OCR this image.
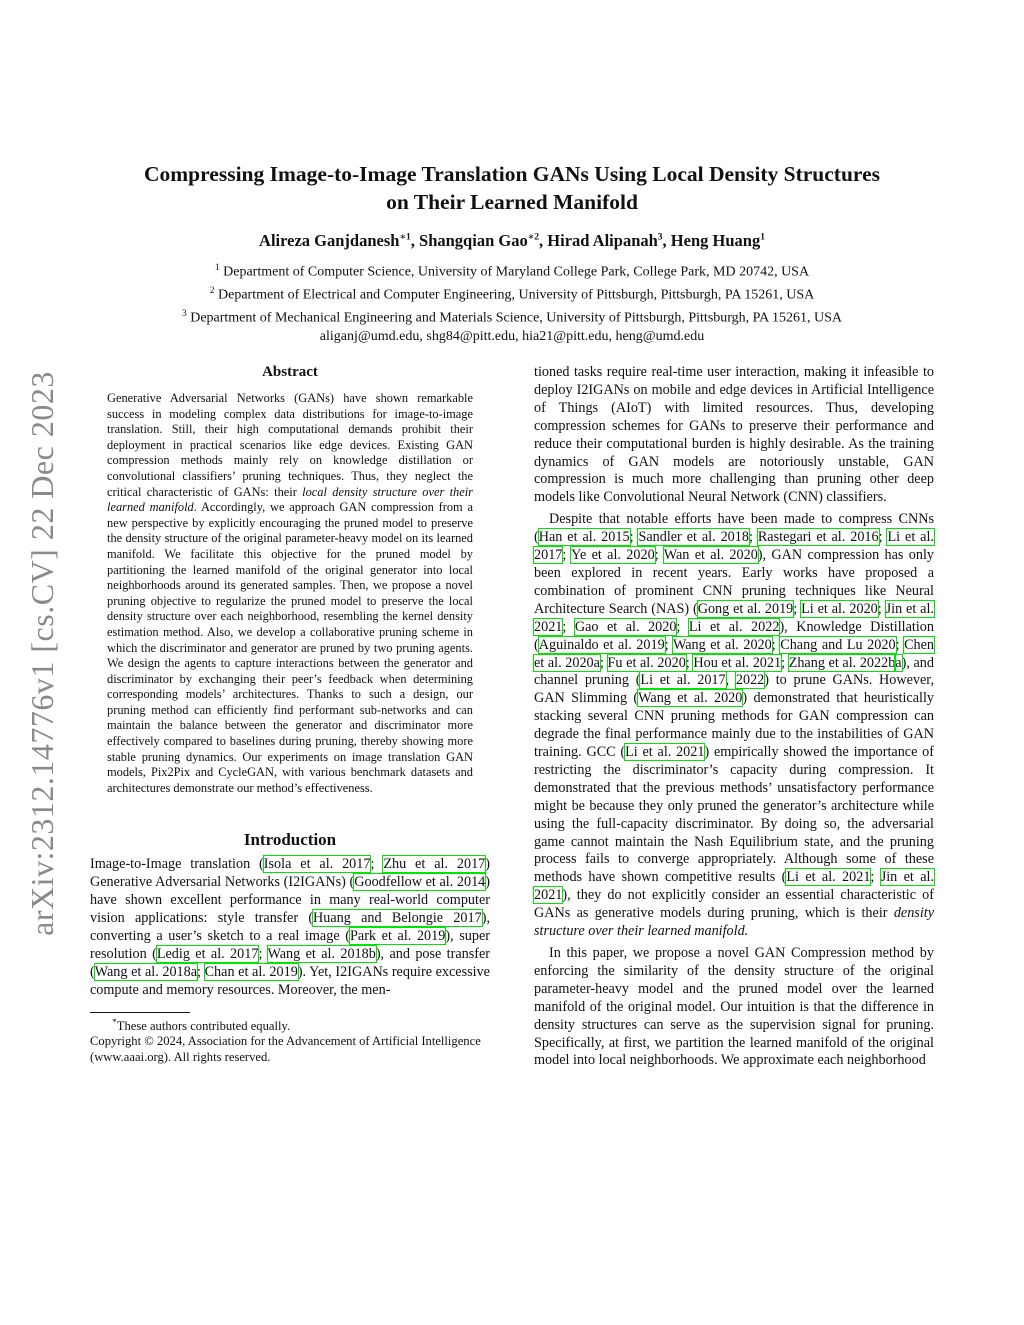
arXiv:2312.14776v1 [cs.CV] 22 Dec 2023
Compressing Image-to-Image Translation GANs Using Local Density Structures
on Their Learned Manifold
Alireza Ganjdanesh$^{∗1}$, Shangqian Gao$^{∗2}$, Hirad Alipanah$^3$, Heng Huang$^1$
$^1$ Department of Computer Science, University of Maryland College Park, College Park, MD 20742, USA
$^2$ Department of Electrical and Computer Engineering, University of Pittsburgh, Pittsburgh, PA 15261, USA
$^3$ Department of Mechanical Engineering and Materials Science, University of Pittsburgh, Pittsburgh, PA 15261, USA
aliganj@umd.edu, shg84@pitt.edu, hia21@pitt.edu, heng@umd.edu
Abstract

Generative Adversarial Networks (GANs) have shown remarkable success in modeling complex data distributions for image-to-image translation. Still, their high computational demands prohibit their deployment in practical scenarios like edge devices. Existing GAN compression methods mainly rely on knowledge distillation or convolutional classifiers’ pruning techniques. Thus, they neglect the critical characteristic of GANs: their local density structure over their learned manifold. Accordingly, we approach GAN compression from a new perspective by explicitly encouraging the pruned model to preserve the density structure of the original parameter-heavy model on its learned manifold. We facilitate this objective for the pruned model by partitioning the learned manifold of the original generator into local neighborhoods around its generated samples. Then, we propose a novel pruning objective to regularize the pruned model to preserve the local density structure over each neighborhood, resembling the kernel density estimation method. Also, we develop a collaborative pruning scheme in which the discriminator and generator are pruned by two pruning agents. We design the agents to capture interactions between the generator and discriminator by exchanging their peer’s feedback when determining corresponding models’ architectures. Thanks to such a design, our pruning method can efficiently find performant sub-networks and can maintain the balance between the generator and discriminator more effectively compared to baselines during pruning, thereby showing more stable pruning dynamics. Our experiments on image translation GAN models, Pix2Pix and CycleGAN, with various benchmark datasets and architectures demonstrate our method’s effectiveness.

Introduction

Image-to-Image translation (Isola et al. 2017; Zhu et al. 2017) Generative Adversarial Networks (I2IGANs) (Goodfellow et al. 2014) have shown excellent performance in many real-world computer vision applications: style transfer (Huang and Belongie 2017), converting a user’s sketch to a real image (Park et al. 2019), super resolution (Ledig et al. 2017; Wang et al. 2018b), and pose transfer (Wang et al. 2018a; Chan et al. 2019). Yet, I2IGANs require excessive compute and memory resources. Moreover, the men-

*These authors contributed equally.
Copyright © 2024, Association for the Advancement of Artificial Intelligence (www.aaai.org). All rights reserved.

tioned tasks require real-time user interaction, making it infeasible to deploy I2IGANs on mobile and edge devices in Artificial Intelligence of Things (AIoT) with limited resources. Thus, developing compression schemes for GANs to preserve their performance and reduce their computational burden is highly desirable. As the training dynamics of GAN models are notoriously unstable, GAN compression is much more challenging than pruning other deep models like Convolutional Neural Network (CNN) classifiers.

Despite that notable efforts have been made to compress CNNs (Han et al. 2015; Sandler et al. 2018; Rastegari et al. 2016; Li et al. 2017; Ye et al. 2020; Wan et al. 2020), GAN compression has only been explored in recent years. Early works have proposed a combination of prominent CNN pruning techniques like Neural Architecture Search (NAS) (Gong et al. 2019; Li et al. 2020; Jin et al. 2021; Gao et al. 2020; Li et al. 2022), Knowledge Distillation (Aguinaldo et al. 2019; Wang et al. 2020; Chang and Lu 2020; Chen et al. 2020a; Fu et al. 2020; Hou et al. 2021; Zhang et al. 2022ba), and channel pruning (Li et al. 2017, 2022) to prune GANs. However, GAN Slimming (Wang et al. 2020) demonstrated that heuristically stacking several CNN pruning methods for GAN compression can degrade the final performance mainly due to the instabilities of GAN training. GCC (Li et al. 2021) empirically showed the importance of restricting the discriminator’s capacity during compression. It demonstrated that the previous methods’ unsatisfactory performance might be because they only pruned the generator’s architecture while using the full-capacity discriminator. By doing so, the adversarial game cannot maintain the Nash Equilibrium state, and the pruning process fails to converge appropriately. Although some of these methods have shown competitive results (Li et al. 2021; Jin et al. 2021), they do not explicitly consider an essential characteristic of GANs as generative models during pruning, which is their density structure over their learned manifold.

In this paper, we propose a novel GAN Compression method by enforcing the similarity of the density structure of the original parameter-heavy model and the pruned model over the learned manifold of the original model. Our intuition is that the difference in density structures can serve as the supervision signal for pruning. Specifically, at first, we partition the learned manifold of the original model into local neighborhoods. We approximate each neighborhood
